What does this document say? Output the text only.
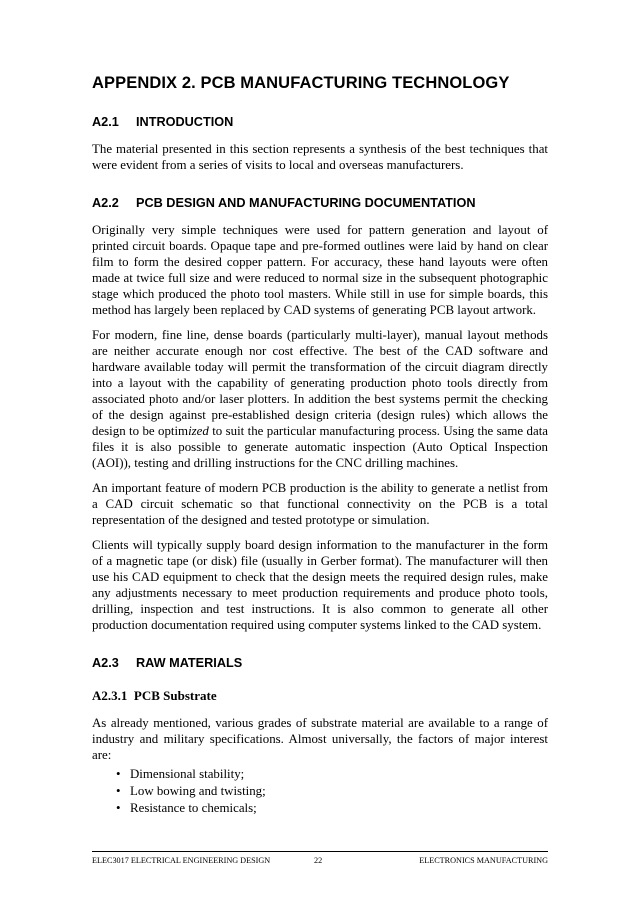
APPENDIX 2. PCB MANUFACTURING TECHNOLOGY
A2.1	INTRODUCTION

The material presented in this section represents a synthesis of the best techniques that were evident from a series of visits to local and overseas manufacturers.

A2.2	PCB DESIGN AND MANUFACTURING DOCUMENTATION

Originally very simple techniques were used for pattern generation and layout of printed circuit boards. Opaque tape and pre-formed outlines were laid by hand on clear film to form the desired copper pattern. For accuracy, these hand layouts were often made at twice full size and were reduced to normal size in the subsequent photographic stage which produced the photo tool masters. While still in use for simple boards, this method has largely been replaced by CAD systems of generating PCB layout artwork.

For modern, fine line, dense boards (particularly multi-layer), manual layout methods are neither accurate enough nor cost effective. The best of the CAD software and hardware available today will permit the transformation of the circuit diagram directly into a layout with the capability of generating production photo tools directly from associated photo and/or laser plotters. In addition the best systems permit the checking of the design against pre-established design criteria (design rules) which allows the design to be optimized to suit the particular manufacturing process. Using the same data files it is also possible to generate automatic inspection (Auto Optical Inspection (AOI)), testing and drilling instructions for the CNC drilling machines.

An important feature of modern PCB production is the ability to generate a netlist from a CAD circuit schematic so that functional connectivity on the PCB is a total representation of the designed and tested prototype or simulation.

Clients will typically supply board design information to the manufacturer in the form of a magnetic tape (or disk) file (usually in Gerber format). The manufacturer will then use his CAD equipment to check that the design meets the required design rules, make any adjustments necessary to meet production requirements and produce photo tools, drilling, inspection and test instructions. It is also common to generate all other production documentation required using computer systems linked to the CAD system.

A2.3	RAW MATERIALS
A2.3.1 PCB Substrate

As already mentioned, various grades of substrate material are available to a range of industry and military specifications. Almost universally, the factors of major interest are:

• Dimensional stability;
• Low bowing and twisting;
• Resistance to chemicals;
ELEC3017 ELECTRICAL ENGINEERING DESIGN	22	ELECTRONICS MANUFACTURING
